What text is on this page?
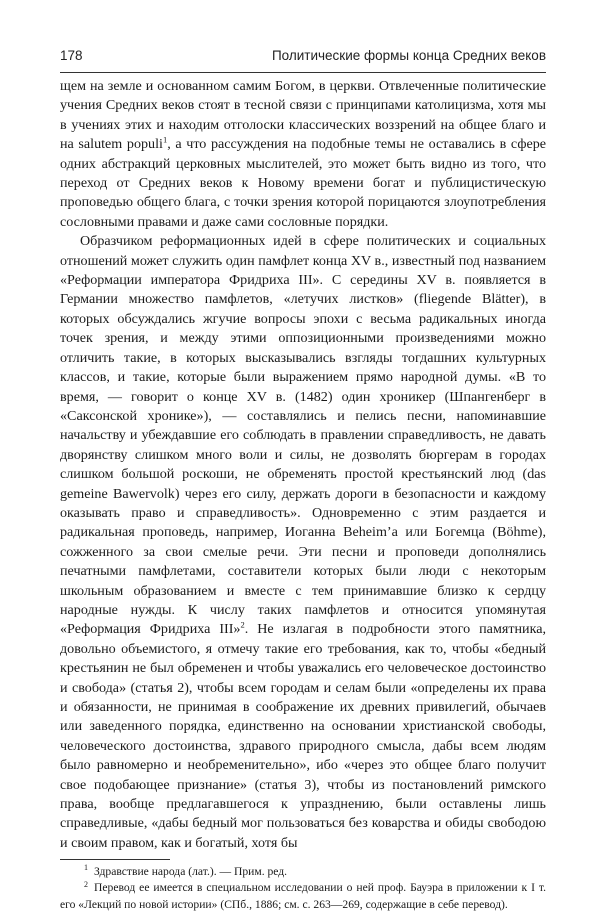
178	Политические формы конца Средних веков

щем на земле и основанном самим Богом, в церкви. Отвлеченные политические учения Средних веков стоят в тесной связи с принципами католицизма, хотя мы в учениях этих и находим отголоски классических воззрений на общее благо и на salutem populi$^1$, а что рассуждения на подобные темы не оставались в сфере одних абстракций церковных мыслителей, это может быть видно из того, что переход от Средних веков к Новому времени богат и публицистическую проповедью общего блага, с точки зрения которой порицаются злоупотребления сословными правами и даже сами сословные порядки.

Образчиком реформационных идей в сфере политических и социальных отношений может служить один памфлет конца XV в., известный под названием «Реформации императора Фридриха III». С середины XV в. появляется в Германии множество памфлетов, «летучих листков» (fliegende Blätter), в которых обсуждались жгучие вопросы эпохи с весьма радикальных иногда точек зрения, и между этими оппозиционными произведениями можно отличить такие, в которых высказывались взгляды тогдашних культурных классов, и такие, которые были выражением прямо народной думы. «В то время, — говорит о конце XV в. (1482) один хроникер (Шпангенберг в «Саксонской хронике»), — составлялись и пелись песни, напоминавшие начальству и убеждавшие его соблюдать в правлении справедливость, не давать дворянству слишком много воли и силы, не дозволять бюргерам в городах слишком большой роскоши, не обременять простой крестьянский люд (das gemeine Bawervolk) через его силу, держать дороги в безопасности и каждому оказывать право и справедливость». Одновременно с этим раздается и радикальная проповедь, например, Иоганна Beheim’а или Богемца (Böhme), сожженного за свои смелые речи. Эти песни и проповеди дополнялись печатными памфлетами, составители которых были люди с некоторым школьным образованием и вместе с тем принимавшие близко к сердцу народные нужды. К числу таких памфлетов и относится упомянутая «Реформация Фридриха III»$^2$. Не излагая в подробности этого памятника, довольно объемистого, я отмечу такие его требования, как то, чтобы «бедный крестьянин не был обременен и чтобы уважались его человеческое достоинство и свобода» (статья 2), чтобы всем городам и селам были «определены их права и обязанности, не принимая в соображение их древних привилегий, обычаев или заведенного порядка, единственно на основании христианской свободы, человеческого достоинства, здравого природного смысла, дабы всем людям было равномерно и необременительно», ибо «через это общее благо получит свое подобающее признание» (статья 3), чтобы из постановлений римского права, вообще предлагавшегося к упразднению, были оставлены лишь справедливые, «дабы бедный мог пользоваться без коварства и обиды свободою и своим правом, как и богатый, хотя бы

$^1$ Здравствие народа (лат.). — Прим. ред.

$^2$ Перевод ее имеется в специальном исследовании о ней проф. Бауэра в приложении к I т. его «Лекций по новой истории» (СПб., 1886; см. с. 263—269, содержащие в себе перевод).
